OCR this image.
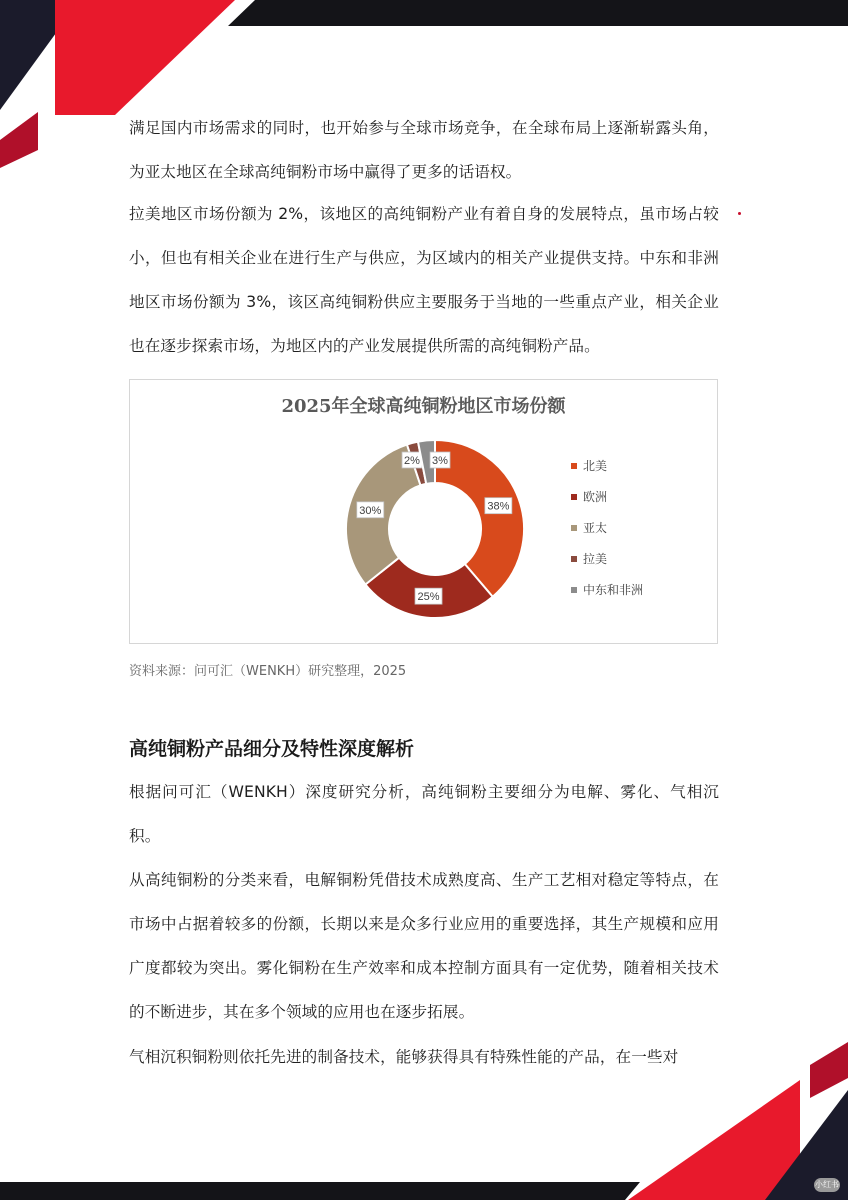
满足国内市场需求的同时，也开始参与全球市场竞争，在全球布局上逐渐崭露头角，为亚太地区在全球高纯铜粉市场中赢得了更多的话语权。

拉美地区市场份额为 2%，该地区的高纯铜粉产业有着自身的发展特点，虽市场占较小，但也有相关企业在进行生产与供应，为区域内的相关产业提供支持。中东和非洲地区市场份额为 3%，该区高纯铜粉供应主要服务于当地的一些重点产业，相关企业也在逐步探索市场，为地区内的产业发展提供所需的高纯铜粉产品。

2025年全球高纯铜粉地区市场份额
38%
25%
30%
2% 3%	北美
欧洲
亚太
拉美
中东和非洲
资料来源：问可汇（WENKH）研究整理，2025
高纯铜粉产品细分及特性深度解析

根据问可汇（WENKH）深度研究分析，高纯铜粉主要细分为电解、雾化、气相沉积。

从高纯铜粉的分类来看，电解铜粉凭借技术成熟度高、生产工艺相对稳定等特点，在市场中占据着较多的份额，长期以来是众多行业应用的重要选择，其生产规模和应用广度都较为突出。雾化铜粉在生产效率和成本控制方面具有一定优势，随着相关技术的不断进步，其在多个领域的应用也在逐步拓展。

气相沉积铜粉则依托先进的制备技术，能够获得具有特殊性能的产品，在一些对

小红书
